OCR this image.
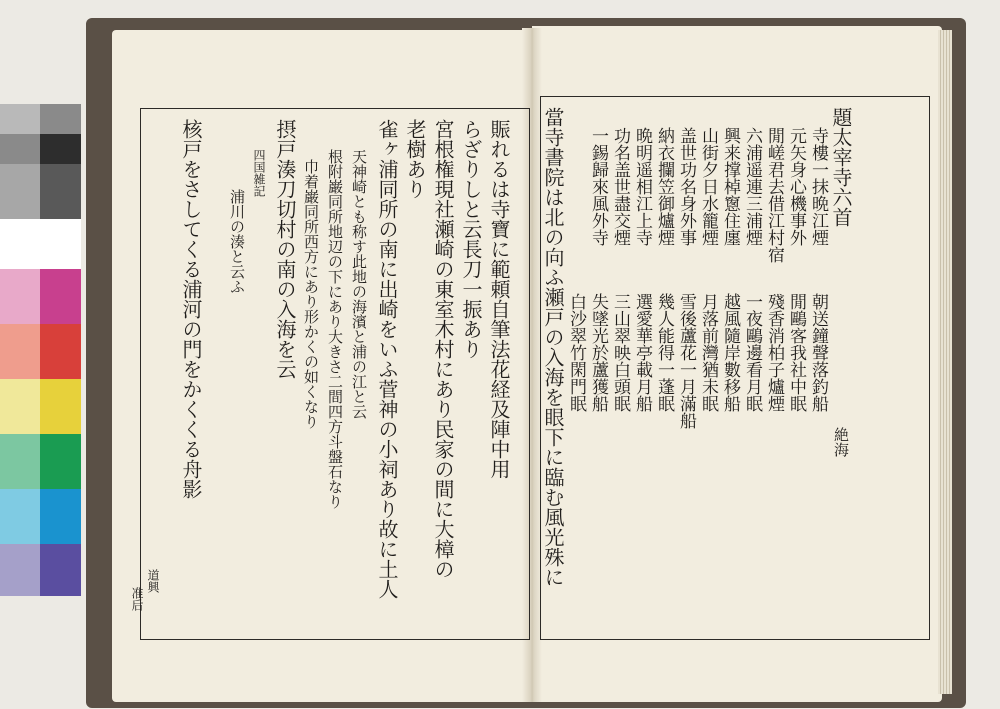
賑れるは寺寶に範頼自筆法花経及陣中用
らざりしと云長刀一振あり
宮根権現社瀬崎の東室木村にあり民家の間に大樟の
老樹あり
雀ヶ浦同所の南に出崎をいふ菅神の小祠あり故に土人
天神崎とも称す此地の海濱と浦の江と云
根附巌同所地辺の下にあり大きさ二間四方斗盤石なり
巾着巌同所西方にあり形かくの如くなり
摂戸湊刀切村の南の入海を云
四国雑記
浦川の湊と云ふ
核戸をさしてくる浦河の門をかくくる舟影
道興
准后

題太宰寺六首
寺樓一抹晩江煙
元矢身心機事外
閒嵯君去借江村宿
六浦遥連三浦煙
興来撑棹窻住廛
山街夕日水籠煙
盖世功名身外事
納衣攔笠御爐煙
晩明遥相江上寺
功名盖世盡交煙
一錫歸來風外寺
朝送鐘聲落釣船
閒鷗客我社中眠
殘香消柏子爐煙
一夜鷗邊看月眠
越風隨岸數移船
月落前灣猶未眠
雪後蘆花一月滿船
幾人能得一蓬眠
選愛華亭載月船
三山翠映白頭眠
失墜光於蘆獲船
白沙翠竹閑門眠
絶海
當寺書院は北の向ふ瀬戸の入海を眼下に臨む風光殊に
